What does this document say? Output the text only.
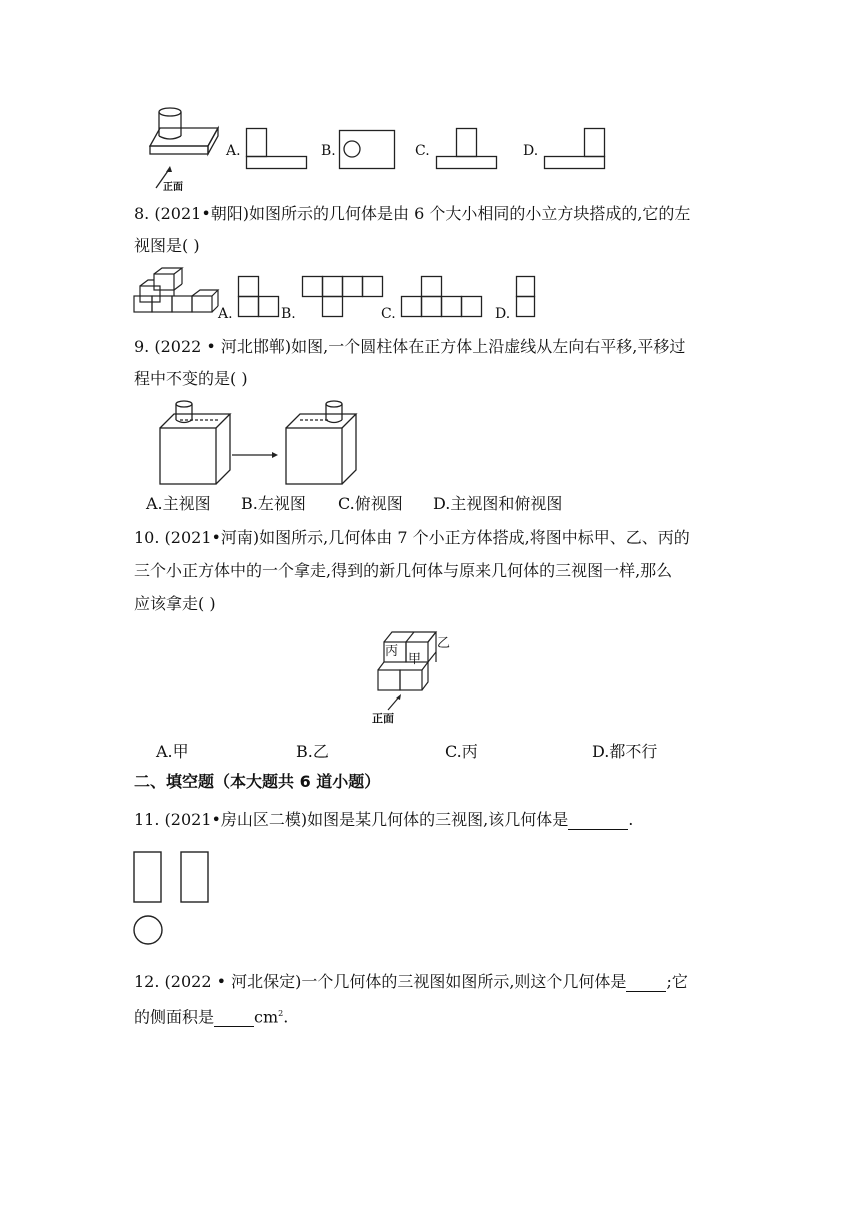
正面
A.	B.	C.	D.
8. (2021•朝阳)如图所示的几何体是由 6 个大小相同的小立方块搭成的,它的左
视图是( )
A.	B.	C.	D.
9. (2022 • 河北邯郸)如图,一个圆柱体在正方体上沿虚线从左向右平移,平移过
程中不变的是( )
A.主视图 B.左视图 C.俯视图 D.主视图和俯视图
10. (2021•河南)如图所示,几何体由 7 个小正方体搭成,将图中标甲、乙、丙的
三个小正方体中的一个拿走,得到的新几何体与原来几何体的三视图一样,那么
应该拿走( )
丙
甲
乙
正面
A.甲	B.乙	C.丙	D.都不行
二、填空题（本大题共 6 道小题）
11. (2021•房山区二模)如图是某几何体的三视图,该几何体是	.
12. (2022 • 河北保定)一个几何体的三视图如图所示,则这个几何体是	;它
的侧面积是	$cm^2$.
